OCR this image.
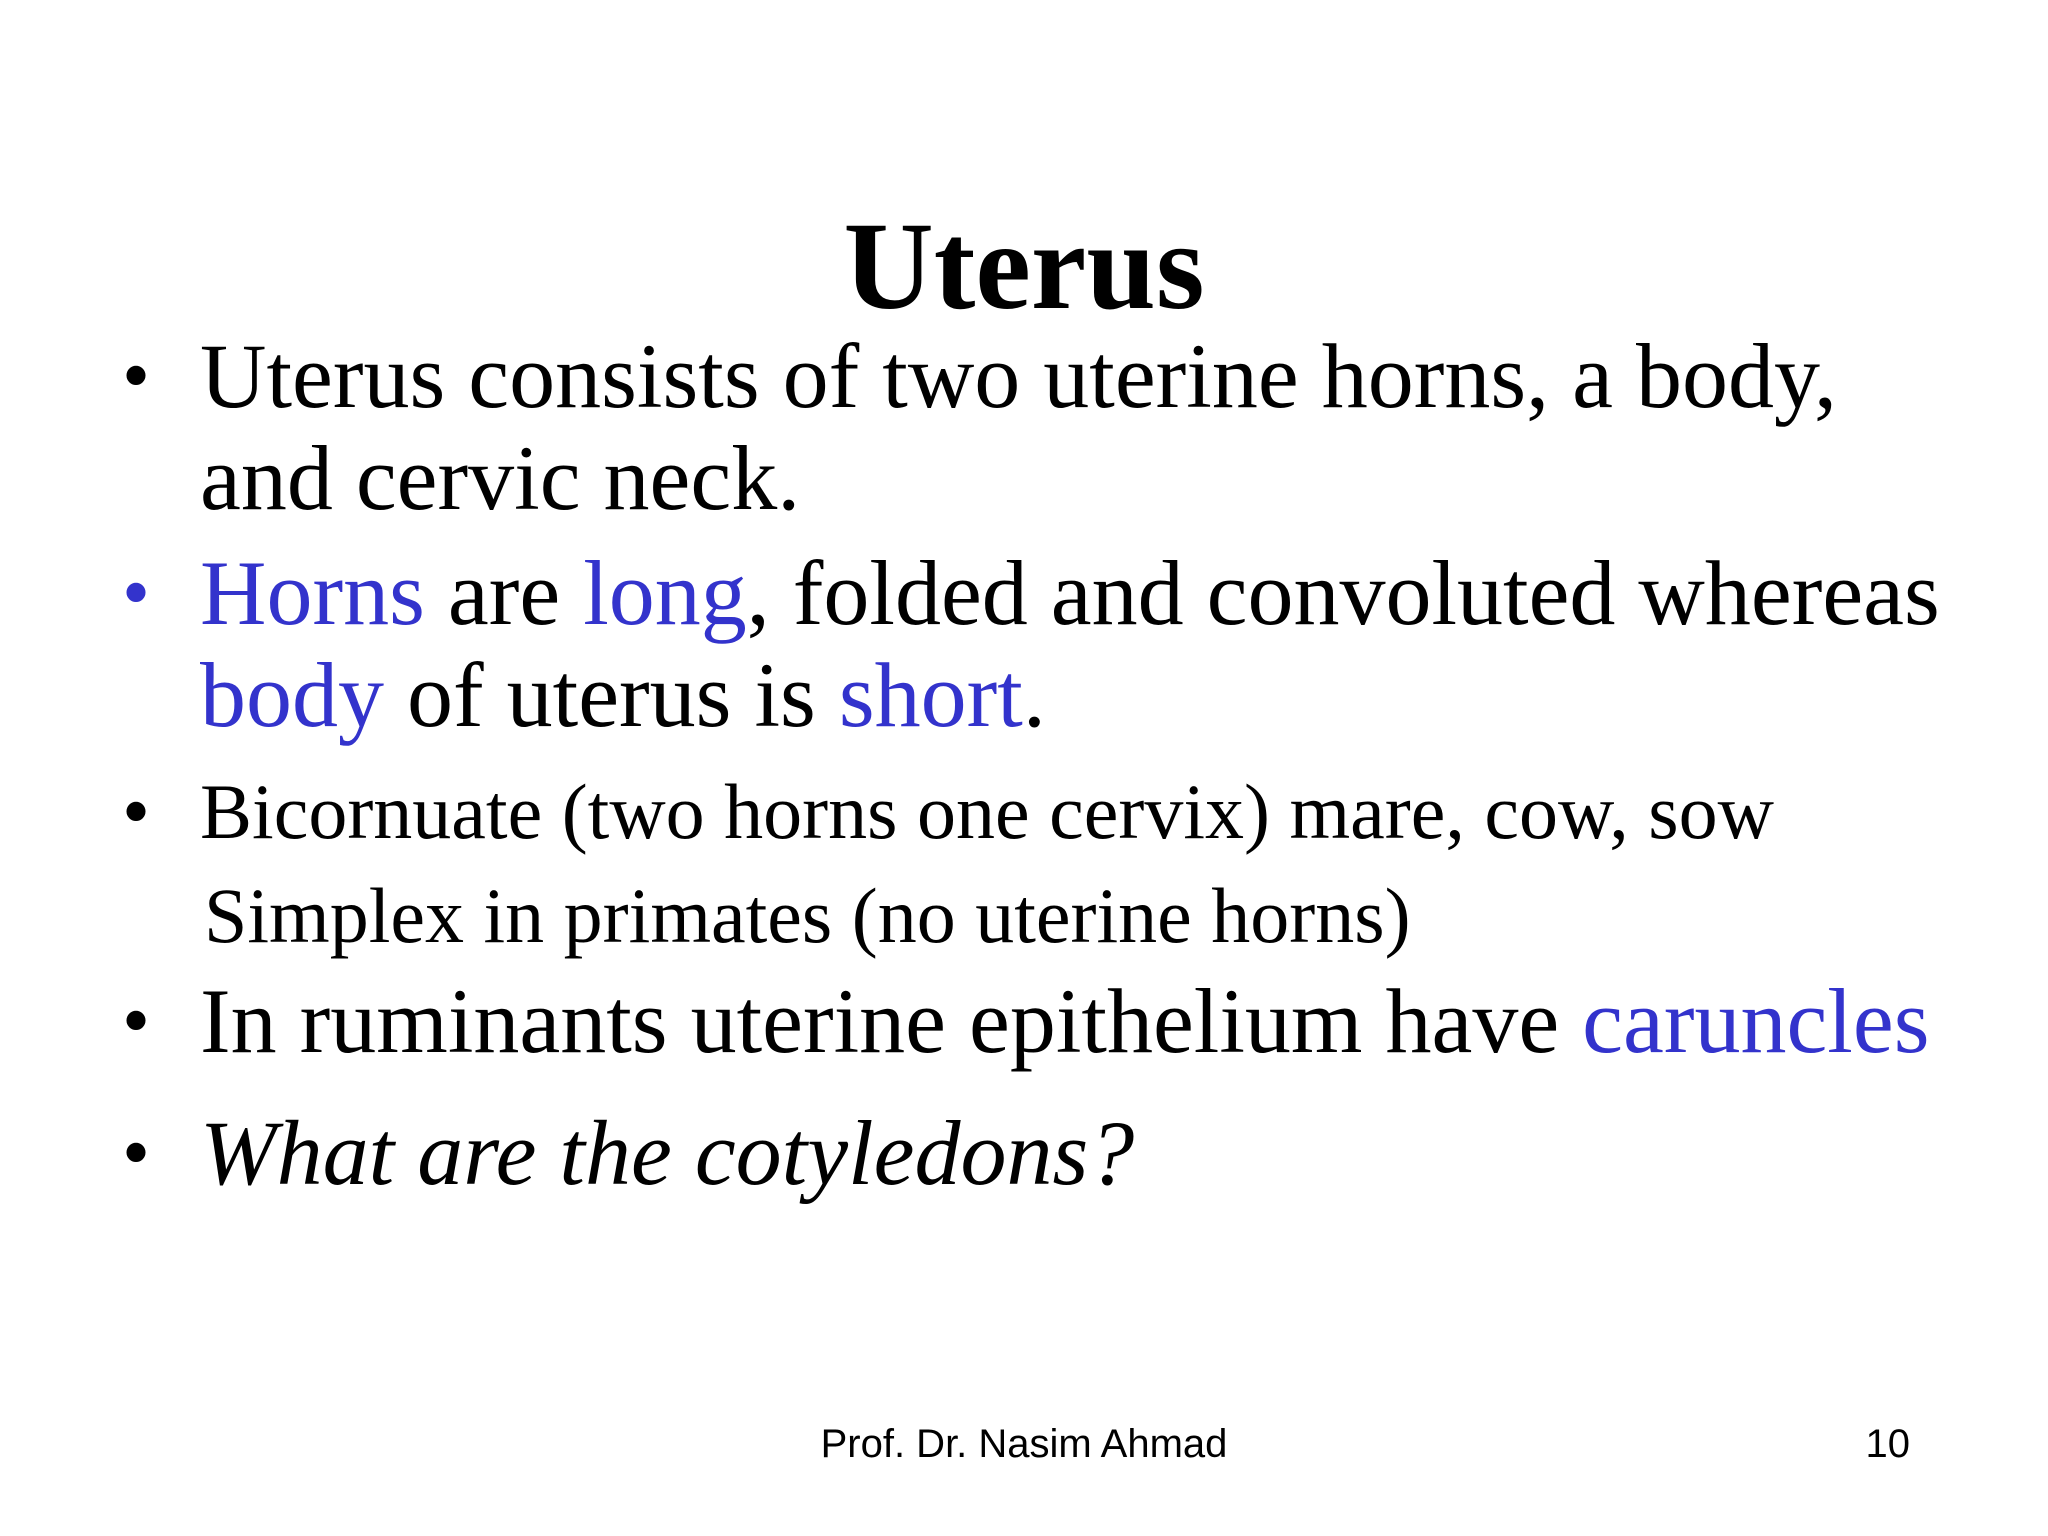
Uterus
• Uterus consists of two uterine horns, a body, and cervic neck.
• Horns are long, folded and convoluted whereas body of uterus is short.
• Bicornuate (two horns one cervix) mare, cow, sow
Simplex in primates (no uterine horns)
• In ruminants uterine epithelium have caruncles
• What are the cotyledons?
Prof. Dr. Nasim Ahmad	10
